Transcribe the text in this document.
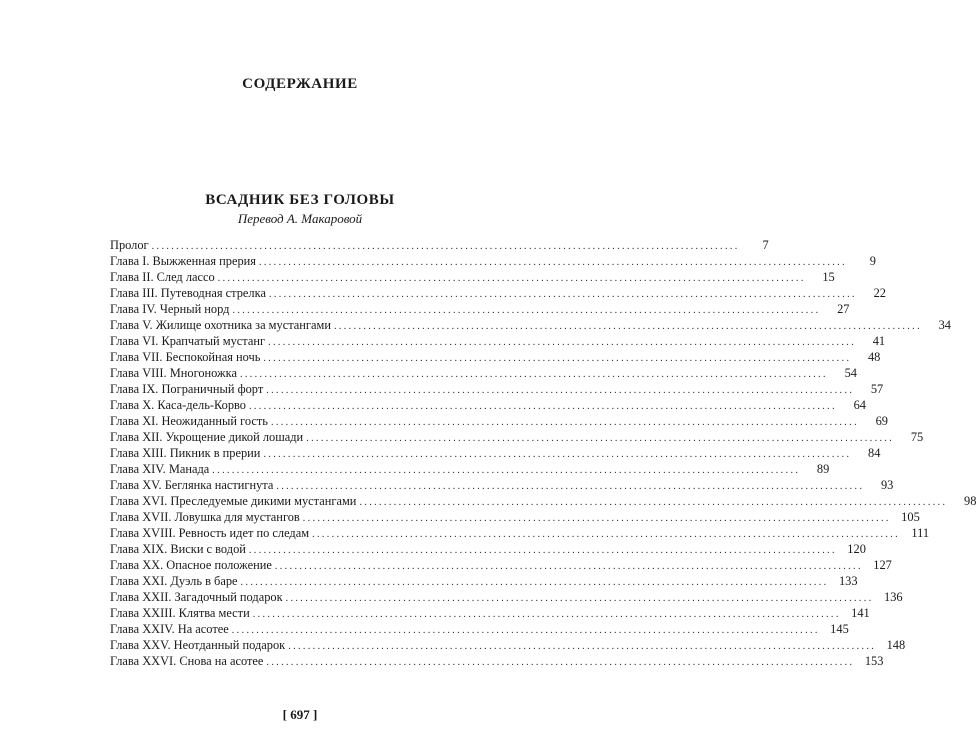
СОДЕРЖАНИЕ
ВСАДНИК БЕЗ ГОЛОВЫ
Перевод А. Макаровой
Пролог ........................................................................................................................	7
Глава I. Выжженная прерия ........................................................................................................................	9
Глава II. След лассо ........................................................................................................................	15
Глава III. Путеводная стрелка ........................................................................................................................	22
Глава IV. Черный норд ........................................................................................................................	27
Глава V. Жилище охотника за мустангами ........................................................................................................................	34
Глава VI. Крапчатый мустанг ........................................................................................................................	41
Глава VII. Беспокойная ночь ........................................................................................................................	48
Глава VIII. Многоножка ........................................................................................................................	54
Глава IX. Пограничный форт ........................................................................................................................	57
Глава X. Каса-дель-Корво ........................................................................................................................	64
Глава XI. Неожиданный гость ........................................................................................................................	69
Глава XII. Укрощение дикой лошади ........................................................................................................................	75
Глава XIII. Пикник в прерии ........................................................................................................................	84
Глава XIV. Манада ........................................................................................................................	89
Глава XV. Беглянка настигнута ........................................................................................................................	93
Глава XVI. Преследуемые дикими мустангами ........................................................................................................................	98
Глава XVII. Ловушка для мустангов ........................................................................................................................ 105
Глава XVIII. Ревность идет по следам ........................................................................................................................ 111
Глава XIX. Виски с водой ........................................................................................................................ 120
Глава XX. Опасное положение ........................................................................................................................ 127
Глава XXI. Дуэль в баре ........................................................................................................................ 133
Глава XXII. Загадочный подарок ........................................................................................................................ 136
Глава XXIII. Клятва мести ........................................................................................................................ 141
Глава XXIV. На асотее ........................................................................................................................ 145
Глава XXV. Неотданный подарок ........................................................................................................................ 148
Глава XXVI. Снова на асотее ........................................................................................................................ 153
[ 697 ]
